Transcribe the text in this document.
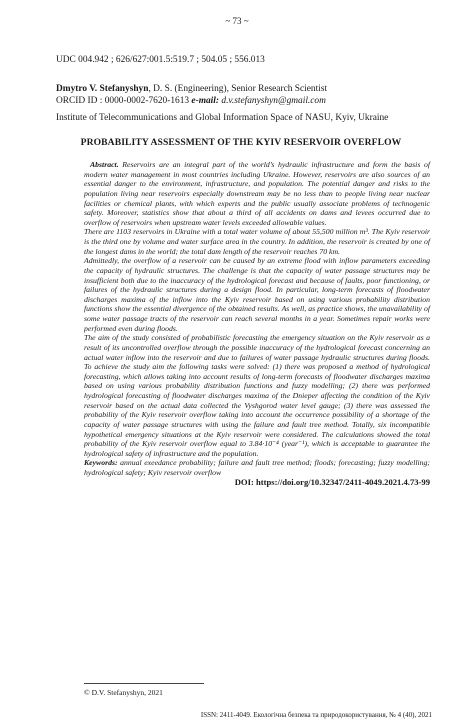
~ 73 ~
UDC 004.942 ; 626/627:001.5:519.7 ; 504.05 ; 556.013
Dmytro V. Stefanyshyn, D. S. (Engineering), Senior Research Scientist
ORCID ID : 0000-0002-7620-1613 e-mail: d.v.stefanyshyn@gmail.com
Institute of Telecommunications and Global Information Space of NASU, Kyiv, Ukraine
PROBABILITY ASSESSMENT OF THE KYIV RESERVOIR OVERFLOW

Abstract. Reservoirs are an integral part of the world’s hydraulic infrastructure and form the basis of modern water management in most countries including Ukraine. However, reservoirs are also sources of an essential danger to the environment, infrastructure, and population. The potential danger and risks to the population living near reservoirs especially downstream may be no less than to people living near nuclear facilities or chemical plants, with which experts and the public usually associate problems of technogenic safety. Moreover, statistics show that about a third of all accidents on dams and levees occurred due to overflow of reservoirs when upstream water levels exceeded allowable values.

There are 1103 reservoirs in Ukraine with a total water volume of about 55,500 million m³. The Kyiv reservoir is the third one by volume and water surface area in the country. In addition, the reservoir is created by one of the longest dams in the world; the total dam length of the reservoir reaches 70 km.

Admittedly, the overflow of a reservoir can be caused by an extreme flood with inflow parameters exceeding the capacity of hydraulic structures. The challenge is that the capacity of water passage structures may be insufficient both due to the inaccuracy of the hydrological forecast and because of faults, poor functioning, or failures of the hydraulic structures during a design flood. In particular, long-term forecasts of floodwater discharges maxima of the inflow into the Kyiv reservoir based on using various probability distribution functions show the essential divergence of the obtained results. As well, as practice shows, the unavailability of some water passage tracts of the reservoir can reach several months in a year. Sometimes repair works were performed even during floods.

The aim of the study consisted of probabilistic forecasting the emergency situation on the Kyiv reservoir as a result of its uncontrolled overflow through the possible inaccuracy of the hydrological forecast concerning an actual water inflow into the reservoir and due to failures of water passage hydraulic structures during floods. To achieve the study aim the following tasks were solved: (1) there was proposed a method of hydrological forecasting, which allows taking into account results of long-term forecasts of floodwater discharges maxima based on using various probability distribution functions and fuzzy modelling; (2) there was performed hydrological forecasting of floodwater discharges maxima of the Dnieper affecting the condition of the Kyiv reservoir based on the actual data collected the Vyshgorod water level gauge; (3) there was assessed the probability of the Kyiv reservoir overflow taking into account the occurrence possibility of a shortage of the capacity of water passage structures with using the failure and fault tree method. Totally, six incompatible hypothetical emergency situations at the Kyiv reservoir were considered. The calculations showed the total probability of the Kyiv reservoir overflow equal to 3.84·10⁻⁴ (year⁻¹), which is acceptable to guarantee the hydrological safety of infrastructure and the population.

Keywords: annual exeedance probability; failure and fault tree method; floods; forecasting; fuzzy modelling; hydrological safety; Kyiv reservoir overflow

DOI: https://doi.org/10.32347/2411-4049.2021.4.73-99

© D.V. Stefanyshyn, 2021
ISSN: 2411-4049. Екологічна безпека та природокористування, № 4 (40), 2021
